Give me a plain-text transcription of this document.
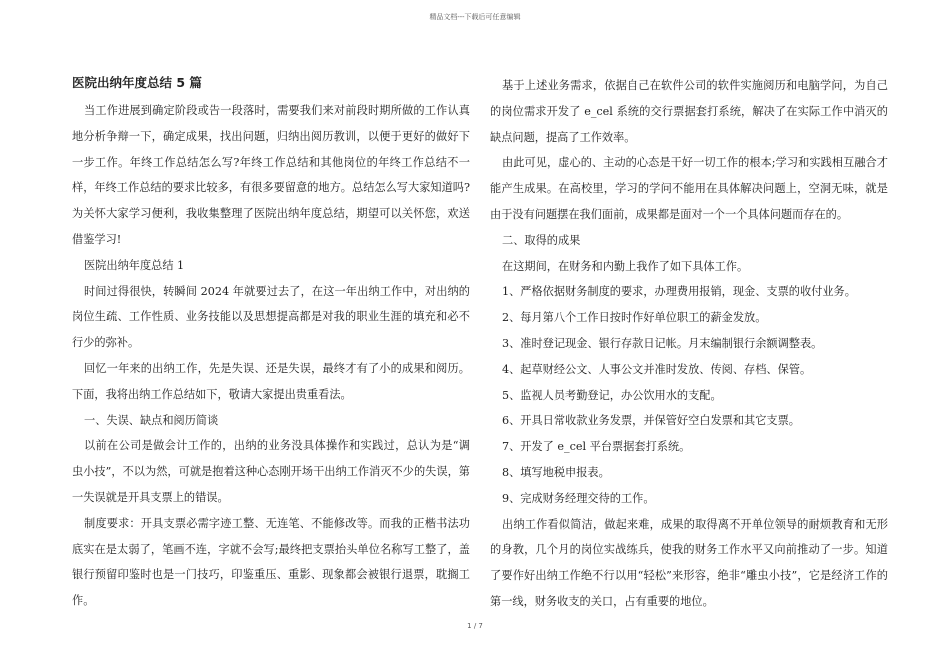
精品文档---下载后可任意编辑
医院出纳年度总结 5 篇

当工作进展到确定阶段或告一段落时，需要我们来对前段时期所做的工作认真地分析争辩一下，确定成果，找出问题，归纳出阅历教训，以便于更好的做好下一步工作。年终工作总结怎么写?年终工作总结和其他岗位的年终工作总结不一样，年终工作总结的要求比较多，有很多要留意的地方。总结怎么写大家知道吗?为关怀大家学习便利，我收集整理了医院出纳年度总结，期望可以关怀您，欢送借鉴学习!

医院出纳年度总结 1

时间过得很快，转瞬间 2024 年就要过去了，在这一年出纳工作中，对出纳的岗位生疏、工作性质、业务技能以及思想提高都是对我的职业生涯的填充和必不行少的弥补。

回忆一年来的出纳工作，先是失误、还是失误，最终才有了小的成果和阅历。下面，我将出纳工作总结如下，敬请大家提出贵重看法。

一、失误、缺点和阅历简谈

以前在公司是做会计工作的，出纳的业务没具体操作和实践过，总认为是“调虫小技”，不以为然，可就是抱着这种心态刚开场干出纳工作消灭不少的失误，第一失误就是开具支票上的错误。

制度要求：开具支票必需字迹工整、无连笔、不能修改等。而我的正楷书法功底实在是太弱了，笔画不连，字就不会写;最终把支票抬头单位名称写工整了，盖银行预留印鉴时也是一门技巧，印鉴重压、重影、现象都会被银行退票，耽搁工作。

基于上述业务需求，依据自己在软件公司的软件实施阅历和电脑学问，为自己的岗位需求开发了 e_cel 系统的交行票据套打系统，解决了在实际工作中消灭的缺点问题，提高了工作效率。

由此可见，虚心的、主动的心态是干好一切工作的根本;学习和实践相互融合才能产生成果。在高校里，学习的学问不能用在具体解决问题上，空洞无味，就是由于没有问题摆在我们面前，成果都是面对一个一个具体问题而存在的。

二、取得的成果

在这期间，在财务和内勤上我作了如下具体工作。

1、严格依据财务制度的要求，办理费用报销，现金、支票的收付业务。

2、每月第八个工作日按时作好单位职工的薪金发放。

3、准时登记现金、银行存款日记帐。月末编制银行余额调整表。

4、起草财经公文、人事公文并准时发放、传阅、存档、保管。

5、监视人员考勤登记，办公饮用水的支配。

6、开具日常收款业务发票，并保管好空白发票和其它支票。

7、开发了 e_cel 平台票据套打系统。

8、填写地税申报表。

9、完成财务经理交待的工作。

出纳工作看似简洁，做起来难，成果的取得离不开单位领导的耐烦教育和无形的身教，几个月的岗位实战练兵，使我的财务工作水平又向前推动了一步。知道了要作好出纳工作绝不行以用“轻松”来形容，绝非“雕虫小技”，它是经济工作的第一线，财务收支的关口，占有重要的地位。

1 / 7
